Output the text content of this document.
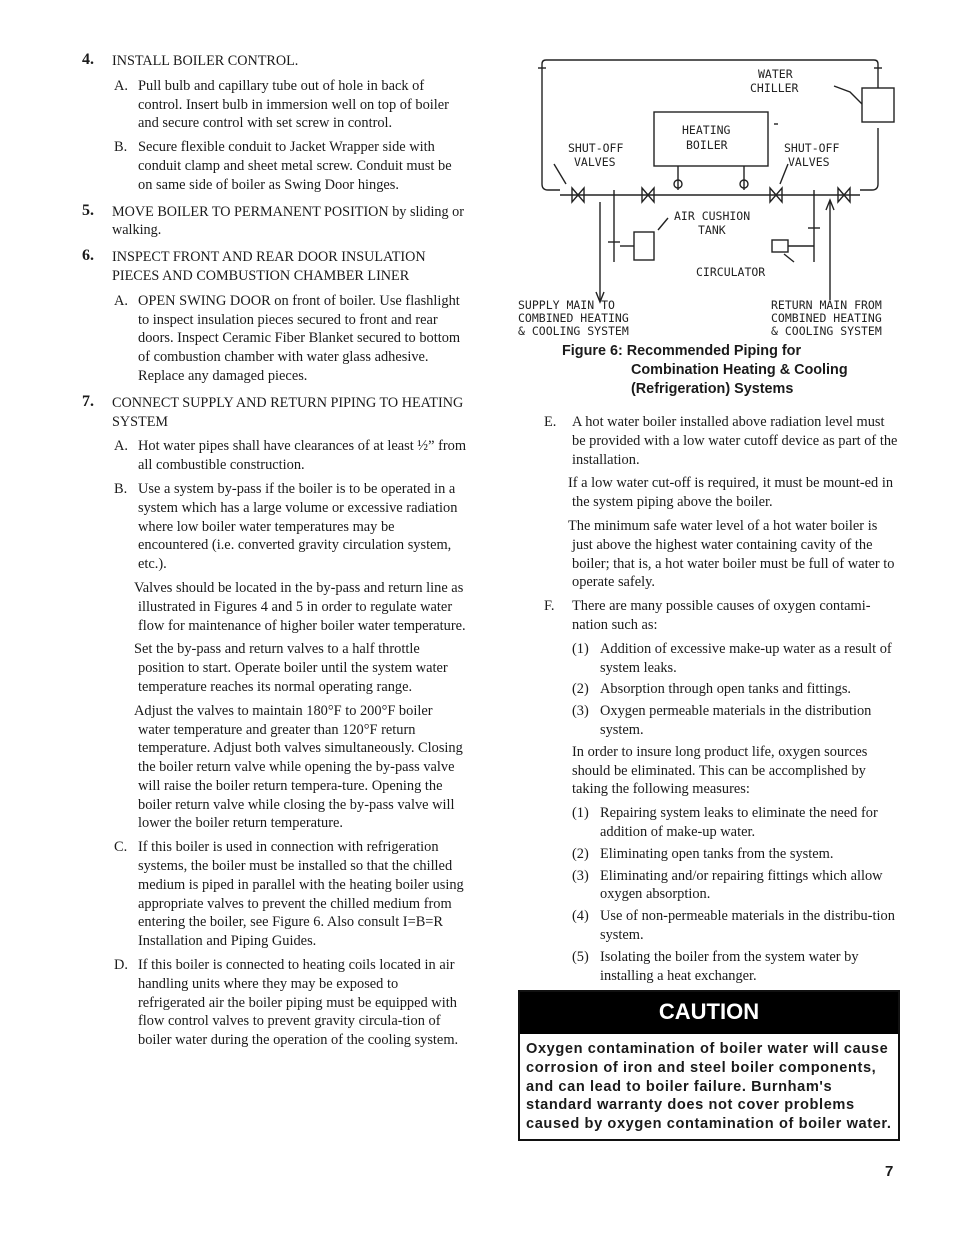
4. INSTALL BOILER CONTROL.

A. Pull bulb and capillary tube out of hole in back of control. Insert bulb in immersion well on top of boiler and secure control with set screw in control.

B. Secure flexible conduit to Jacket Wrapper side with conduit clamp and sheet metal screw. Conduit must be on same side of boiler as Swing Door hinges.

5. MOVE BOILER TO PERMANENT POSITION by sliding or walking.
6. INSPECT FRONT AND REAR DOOR INSULATION PIECES AND COMBUSTION CHAMBER LINER

A. OPEN SWING DOOR on front of boiler. Use flashlight to inspect insulation pieces secured to front and rear doors. Inspect Ceramic Fiber Blanket secured to bottom of combustion chamber with water glass adhesive. Replace any damaged pieces.

7. CONNECT SUPPLY AND RETURN PIPING TO HEATING SYSTEM

A. Hot water pipes shall have clearances of at least ½” from all combustible construction.

B. Use a system by-pass if the boiler is to be operated in a system which has a large volume or excessive radiation where low boiler water temperatures may be encountered (i.e. converted gravity circulation system, etc.).

Valves should be located in the by-pass and return line as illustrated in Figures 4 and 5 in order to regulate water flow for maintenance of higher boiler water temperature.

Set the by-pass and return valves to a half throttle position to start. Operate boiler until the system water temperature reaches its normal operating range.

Adjust the valves to maintain 180°F to 200°F boiler water temperature and greater than 120°F return temperature. Adjust both valves simultaneously. Closing the boiler return valve while opening the by-pass valve will raise the boiler return tempera-ture. Opening the boiler return valve while closing the by-pass valve will lower the boiler return temperature.

C. If this boiler is used in connection with refrigeration systems, the boiler must be installed so that the chilled medium is piped in parallel with the heating boiler using appropriate valves to prevent the chilled medium from entering the boiler, see Figure 6. Also consult I=B=R Installation and Piping Guides.

D. If this boiler is connected to heating coils located in air handling units where they may be exposed to refrigerated air the boiler piping must be equipped with flow control valves to prevent gravity circula-tion of boiler water during the operation of the cooling system.

WATER
CHILLER
HEATING
BOILER
SHUT-OFF
VALVES
SHUT-OFF
VALVES
AIR CUSHION
TANK
CIRCULATOR
SUPPLY MAIN TO
COMBINED HEATING
& COOLING SYSTEM
RETURN MAIN FROM
COMBINED HEATING
& COOLING SYSTEM
Figure 6: Recommended Piping for
Combination Heating & Cooling
(Refrigeration) Systems

E. A hot water boiler installed above radiation level must be provided with a low water cutoff device as part of the installation.

If a low water cut-off is required, it must be mount-ed in the system piping above the boiler.

The minimum safe water level of a hot water boiler is just above the highest water containing cavity of the boiler; that is, a hot water boiler must be full of water to operate safely.

F. There are many possible causes of oxygen contami-nation such as:

(1) Addition of excessive make-up water as a result of system leaks.

(2) Absorption through open tanks and fittings.

(3) Oxygen permeable materials in the distribution system.

In order to insure long product life, oxygen sources should be eliminated. This can be accomplished by taking the following measures:

(1) Repairing system leaks to eliminate the need for addition of make-up water.

(2) Eliminating open tanks from the system.

(3) Eliminating and/or repairing fittings which allow oxygen absorption.

(4) Use of non-permeable materials in the distribu-tion system.

(5) Isolating the boiler from the system water by installing a heat exchanger.

CAUTION
Oxygen contamination of boiler water will cause corrosion of iron and steel boiler components, and can lead to boiler failure. Burnham's standard warranty does not cover problems caused by oxygen contamination of boiler water.
7
